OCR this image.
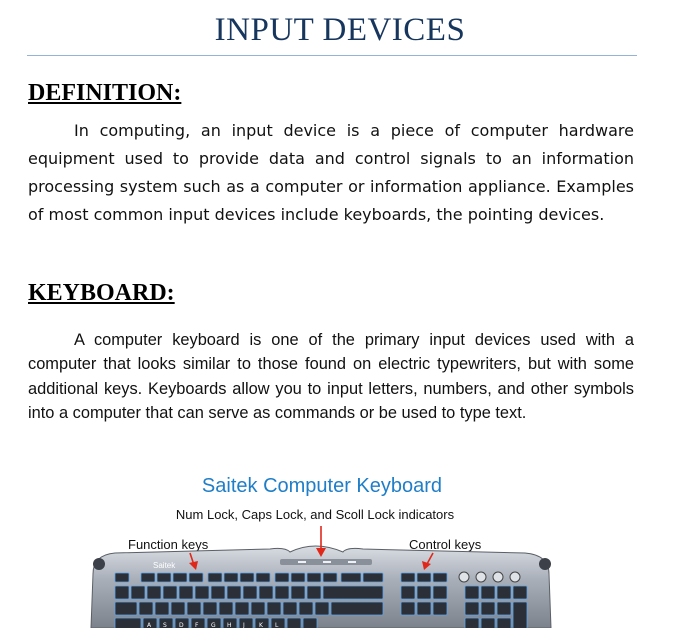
INPUT DEVICES
DEFINITION:
In computing, an input device is a piece of computer hardware equipment used to provide data and control signals to an information processing system such as a computer or information appliance. Examples of most common input devices include keyboards, the pointing devices.
KEYBOARD:
A computer keyboard is one of the primary input devices used with a computer that looks similar to those found on electric typewriters, but with some additional keys. Keyboards allow you to input letters, numbers, and other symbols into a computer that can serve as commands or be used to type text.
Saitek Computer Keyboard
Num Lock, Caps Lock, and Scoll Lock indicators
Function keys	Control keys
Saitek
A S D F G H J K L
